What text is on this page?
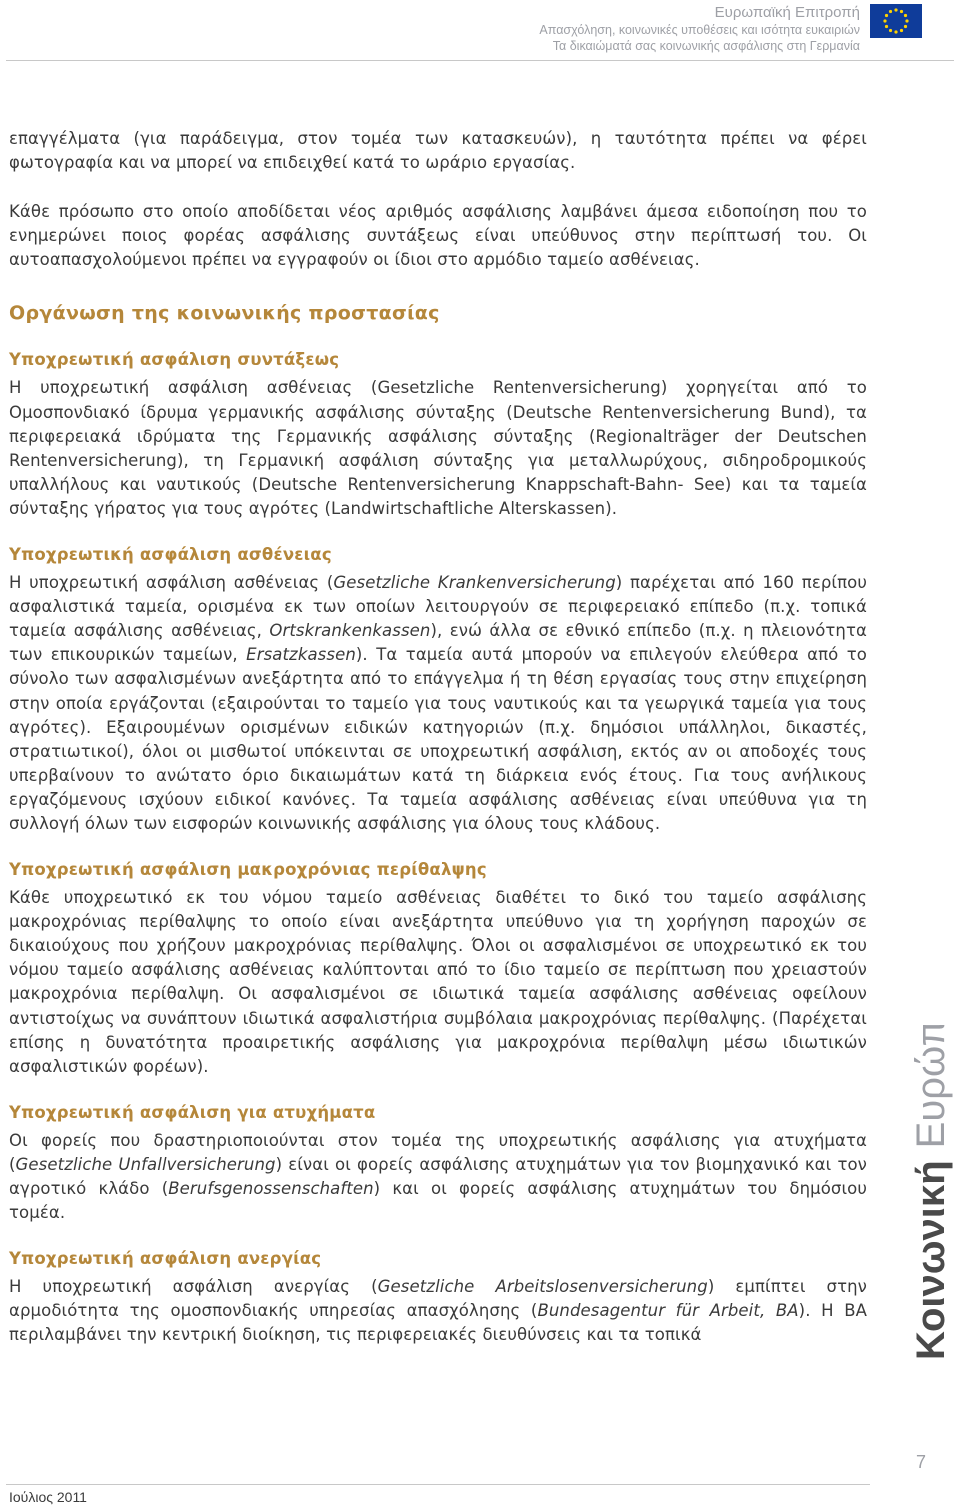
Ευρωπαϊκή Επιτροπή
Απασχόληση, κοινωνικές υποθέσεις και ισότητα ευκαιριών
Τα δικαιώματά σας κοινωνικής ασφάλισης στη Γερμανία

επαγγέλματα (για παράδειγμα, στον τομέα των κατασκευών), η ταυτότητα πρέπει να φέρει φωτογραφία και να μπορεί να επιδειχθεί κατά το ωράριο εργασίας.

Κάθε πρόσωπο στο οποίο αποδίδεται νέος αριθμός ασφάλισης λαμβάνει άμεσα ειδοποίηση που το ενημερώνει ποιος φορέας ασφάλισης συντάξεως είναι υπεύθυνος στην περίπτωσή του. Οι αυτοαπασχολούμενοι πρέπει να εγγραφούν οι ίδιοι στο αρμόδιο ταμείο ασθένειας.

Οργάνωση της κοινωνικής προστασίας
Υποχρεωτική ασφάλιση συντάξεως

Η υποχρεωτική ασφάλιση ασθένειας (Gesetzliche Rentenversicherung) χορηγείται από το Ομοσπονδιακό ίδρυμα γερμανικής ασφάλισης σύνταξης (Deutsche Rentenversicherung Bund), τα περιφερειακά ιδρύματα της Γερμανικής ασφάλισης σύνταξης (Regionalträger der Deutschen Rentenversicherung), τη Γερμανική ασφάλιση σύνταξης για μεταλλωρύχους, σιδηροδρομικούς υπαλλήλους και ναυτικούς (Deutsche Rentenversicherung Knappschaft-Bahn- See) και τα ταμεία σύνταξης γήρατος για τους αγρότες (Landwirtschaftliche Alterskassen).

Υποχρεωτική ασφάλιση ασθένειας

Η υποχρεωτική ασφάλιση ασθένειας (Gesetzliche Krankenversicherung) παρέχεται από 160 περίπου ασφαλιστικά ταμεία, ορισμένα εκ των οποίων λειτουργούν σε περιφερειακό επίπεδο (π.χ. τοπικά ταμεία ασφάλισης ασθένειας, Ortskrankenkassen), ενώ άλλα σε εθνικό επίπεδο (π.χ. η πλειονότητα των επικουρικών ταμείων, Ersatzkassen). Τα ταμεία αυτά μπορούν να επιλεγούν ελεύθερα από το σύνολο των ασφαλισμένων ανεξάρτητα από το επάγγελμα ή τη θέση εργασίας τους στην επιχείρηση στην οποία εργάζονται (εξαιρούνται το ταμείο για τους ναυτικούς και τα γεωργικά ταμεία για τους αγρότες). Εξαιρουμένων ορισμένων ειδικών κατηγοριών (π.χ. δημόσιοι υπάλληλοι, δικαστές, στρατιωτικοί), όλοι οι μισθωτοί υπόκεινται σε υποχρεωτική ασφάλιση, εκτός αν οι αποδοχές τους υπερβαίνουν το ανώτατο όριο δικαιωμάτων κατά τη διάρκεια ενός έτους. Για τους ανήλικους εργαζόμενους ισχύουν ειδικοί κανόνες. Τα ταμεία ασφάλισης ασθένειας είναι υπεύθυνα για τη συλλογή όλων των εισφορών κοινωνικής ασφάλισης για όλους τους κλάδους.

Υποχρεωτική ασφάλιση μακροχρόνιας περίθαλψης

Κάθε υποχρεωτικό εκ του νόμου ταμείο ασθένειας διαθέτει το δικό του ταμείο ασφάλισης μακροχρόνιας περίθαλψης το οποίο είναι ανεξάρτητα υπεύθυνο για τη χορήγηση παροχών σε δικαιούχους που χρήζουν μακροχρόνιας περίθαλψης. Όλοι οι ασφαλισμένοι σε υποχρεωτικό εκ του νόμου ταμείο ασφάλισης ασθένειας καλύπτονται από το ίδιο ταμείο σε περίπτωση που χρειαστούν μακροχρόνια περίθαλψη. Οι ασφαλισμένοι σε ιδιωτικά ταμεία ασφάλισης ασθένειας οφείλουν αντιστοίχως να συνάπτουν ιδιωτικά ασφαλιστήρια συμβόλαια μακροχρόνιας περίθαλψης. (Παρέχεται επίσης η δυνατότητα προαιρετικής ασφάλισης για μακροχρόνια περίθαλψη μέσω ιδιωτικών ασφαλιστικών φορέων).

Υποχρεωτική ασφάλιση για ατυχήματα

Οι φορείς που δραστηριοποιούνται στον τομέα της υποχρεωτικής ασφάλισης για ατυχήματα (Gesetzliche Unfallversicherung) είναι οι φορείς ασφάλισης ατυχημάτων για τον βιομηχανικό και τον αγροτικό κλάδο (Berufsgenossenschaften) και οι φορείς ασφάλισης ατυχημάτων του δημόσιου τομέα.

Υποχρεωτική ασφάλιση ανεργίας

Η υποχρεωτική ασφάλιση ανεργίας (Gesetzliche Arbeitslosenversicherung) εμπίπτει στην αρμοδιότητα της ομοσπονδιακής υπηρεσίας απασχόλησης (Bundesagentur für Arbeit, BA). Η BA περιλαμβάνει την κεντρική διοίκηση, τις περιφερειακές διευθύνσεις και τα τοπικά	ΚοινωνικήΕυρώπη
7
Ιούλιος 2011
